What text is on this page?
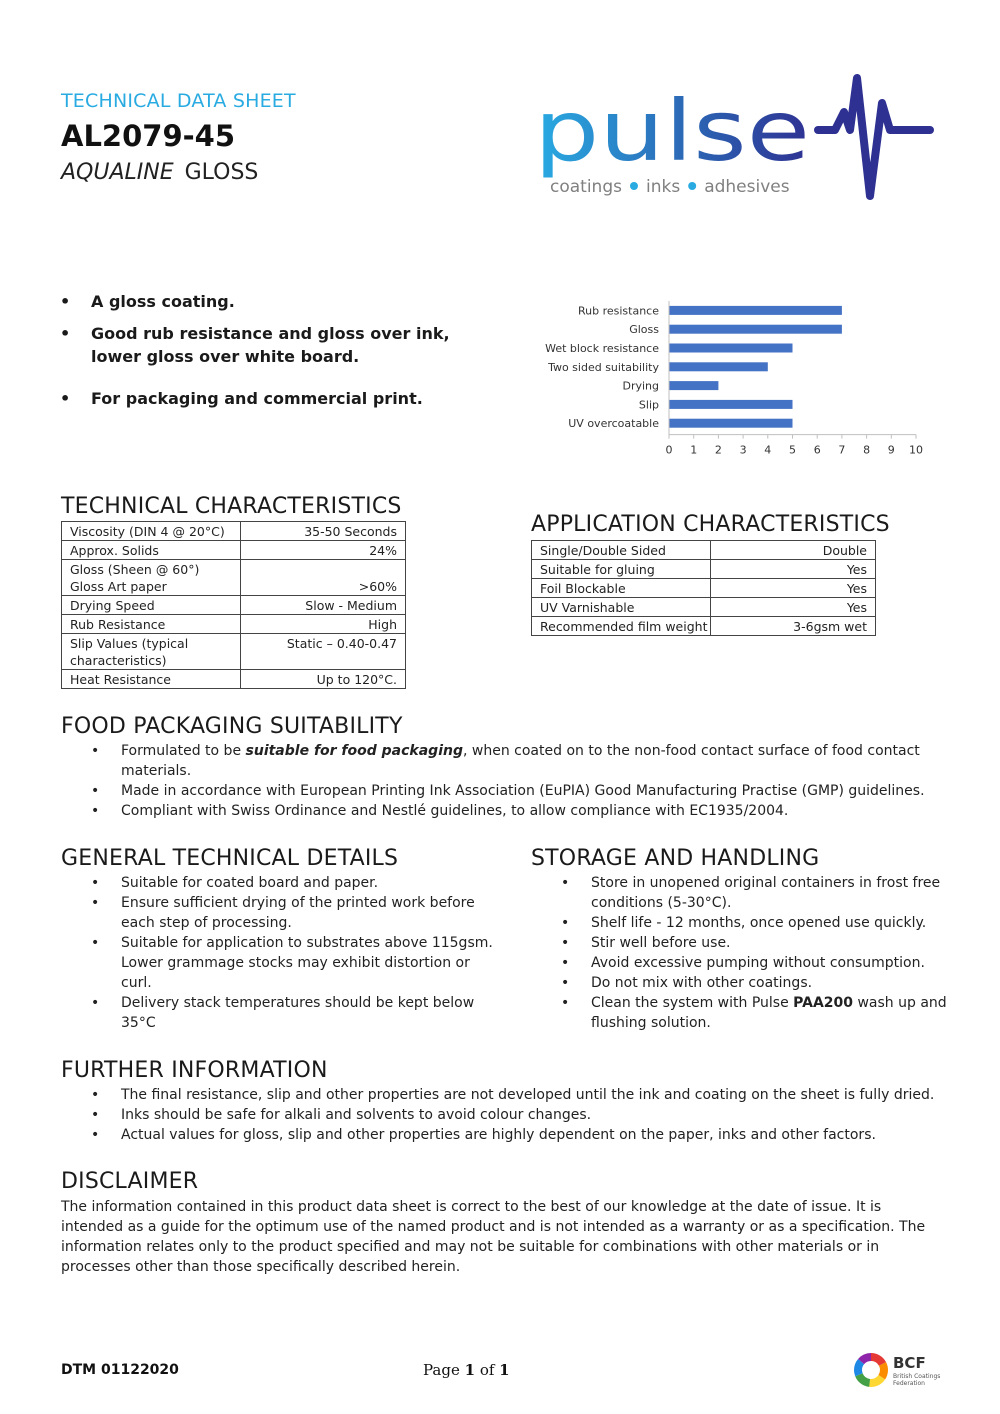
TECHNICAL DATA SHEET
AL2079-45
AQUALINE GLOSS	pulse
coatings inks adhesives
• A gloss coating.
• Good rub resistance and gloss over ink, lower gloss over white board.
• For packaging and commercial print.
Rub resistance
Gloss
Wet block resistance
Two sided suitability
Drying
Slip
UV overcoatable
0 1 2 3 4 5 6 7 8 9 10
TECHNICAL CHARACTERISTICS
Viscosity (DIN 4 @ 20°C)	35-50 Seconds
Approx. Solids	24%

Gloss (Sheen @ 60°)
Gloss Art paper	>60%
Drying Speed	Slow - Medium
Rub Resistance	High
Slip Values (typical characteristics)	Static – 0.40-0.47
Heat Resistance	Up to 120°C.
APPLICATION CHARACTERISTICS
Single/Double Sided	Double
Suitable for gluing	Yes
Foil Blockable	Yes
UV Varnishable	Yes
Recommended film weight	3-6gsm wet
FOOD PACKAGING SUITABILITY
• Formulated to be suitable for food packaging, when coated on to the non-food contact surface of food contact materials.
• Made in accordance with European Printing Ink Association (EuPIA) Good Manufacturing Practise (GMP) guidelines.
• Compliant with Swiss Ordinance and Nestlé guidelines, to allow compliance with EC1935/2004.
GENERAL TECHNICAL DETAILS
• Suitable for coated board and paper.
• Ensure sufficient drying of the printed work before each step of processing.
• Suitable for application to substrates above 115gsm. Lower grammage stocks may exhibit distortion or curl.
• Delivery stack temperatures should be kept below 35°C
STORAGE AND HANDLING
• Store in unopened original containers in frost free conditions (5-30°C).
• Shelf life - 12 months, once opened use quickly.
• Stir well before use.
• Avoid excessive pumping without consumption.
• Do not mix with other coatings.
• Clean the system with Pulse PAA200 wash up and flushing solution.
FURTHER INFORMATION
• The final resistance, slip and other properties are not developed until the ink and coating on the sheet is fully dried.
• Inks should be safe for alkali and solvents to avoid colour changes.
• Actual values for gloss, slip and other properties are highly dependent on the paper, inks and other factors.
DISCLAIMER
The information contained in this product data sheet is correct to the best of our knowledge at the date of issue. It is intended as a guide for the optimum use of the named product and is not intended as a warranty or as a specification. The information relates only to the product specified and may not be suitable for combinations with other materials or in processes other than those specifically described herein.
DTM 01122020	Page 1 of 1	BCF
British Coatings
Federation
